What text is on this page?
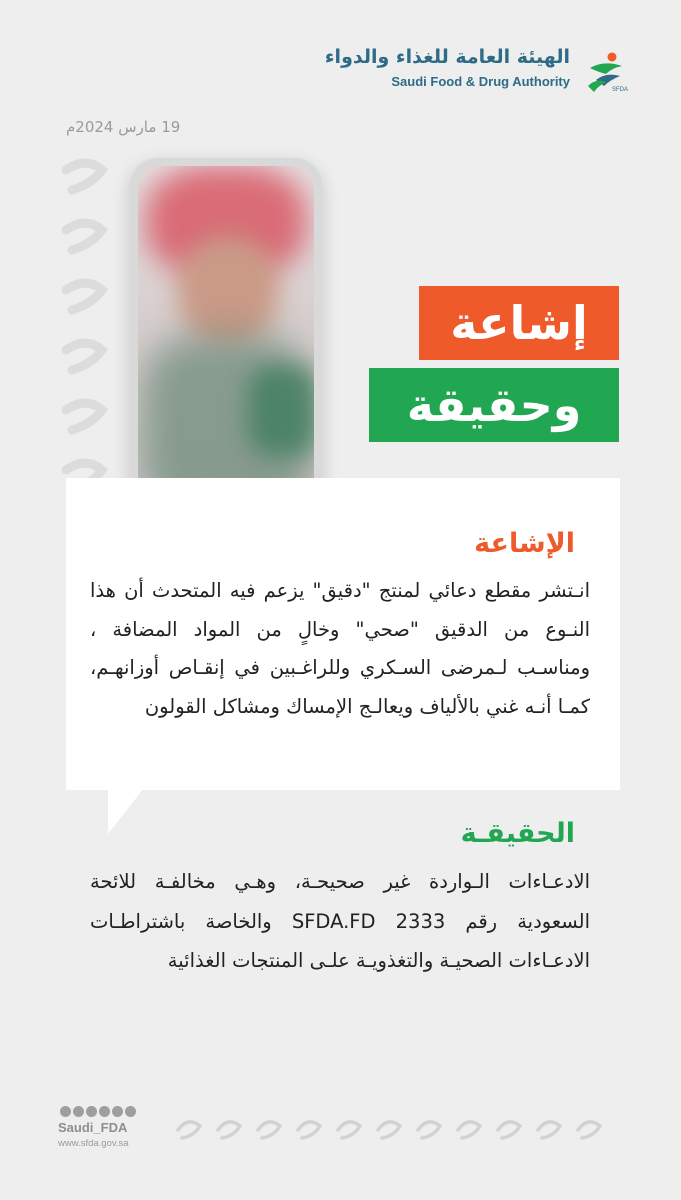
الهيئة العامة للغذاء والدواء
Saudi Food & Drug Authority
SFDA
19 مارس 2024م
إشاعة
وحقيقة
الإشاعة
انـتشر مقطع دعائي لمنتج "دقيق" يزعم فيه المتحدث أن هذا النـوع من الدقيق "صحي" وخالٍ من المواد المضافة ، ومناسـب لـمرضى السـكري وللراغـبين في إنقـاص أوزانهـم، كمـا أنـه غني بالألياف ويعالـج الإمساك ومشاكل القولون
الحقيقـة
الادعـاءات الـواردة غير صحيحـة، وهـي مخالفـة للائحة السعودية رقم SFDA.FD 2333 والخاصة باشتراطـات الادعـاءات الصحيـة والتغذويـة علـى المنتجات الغذائية
Saudi_FDA
www.sfda.gov.sa
